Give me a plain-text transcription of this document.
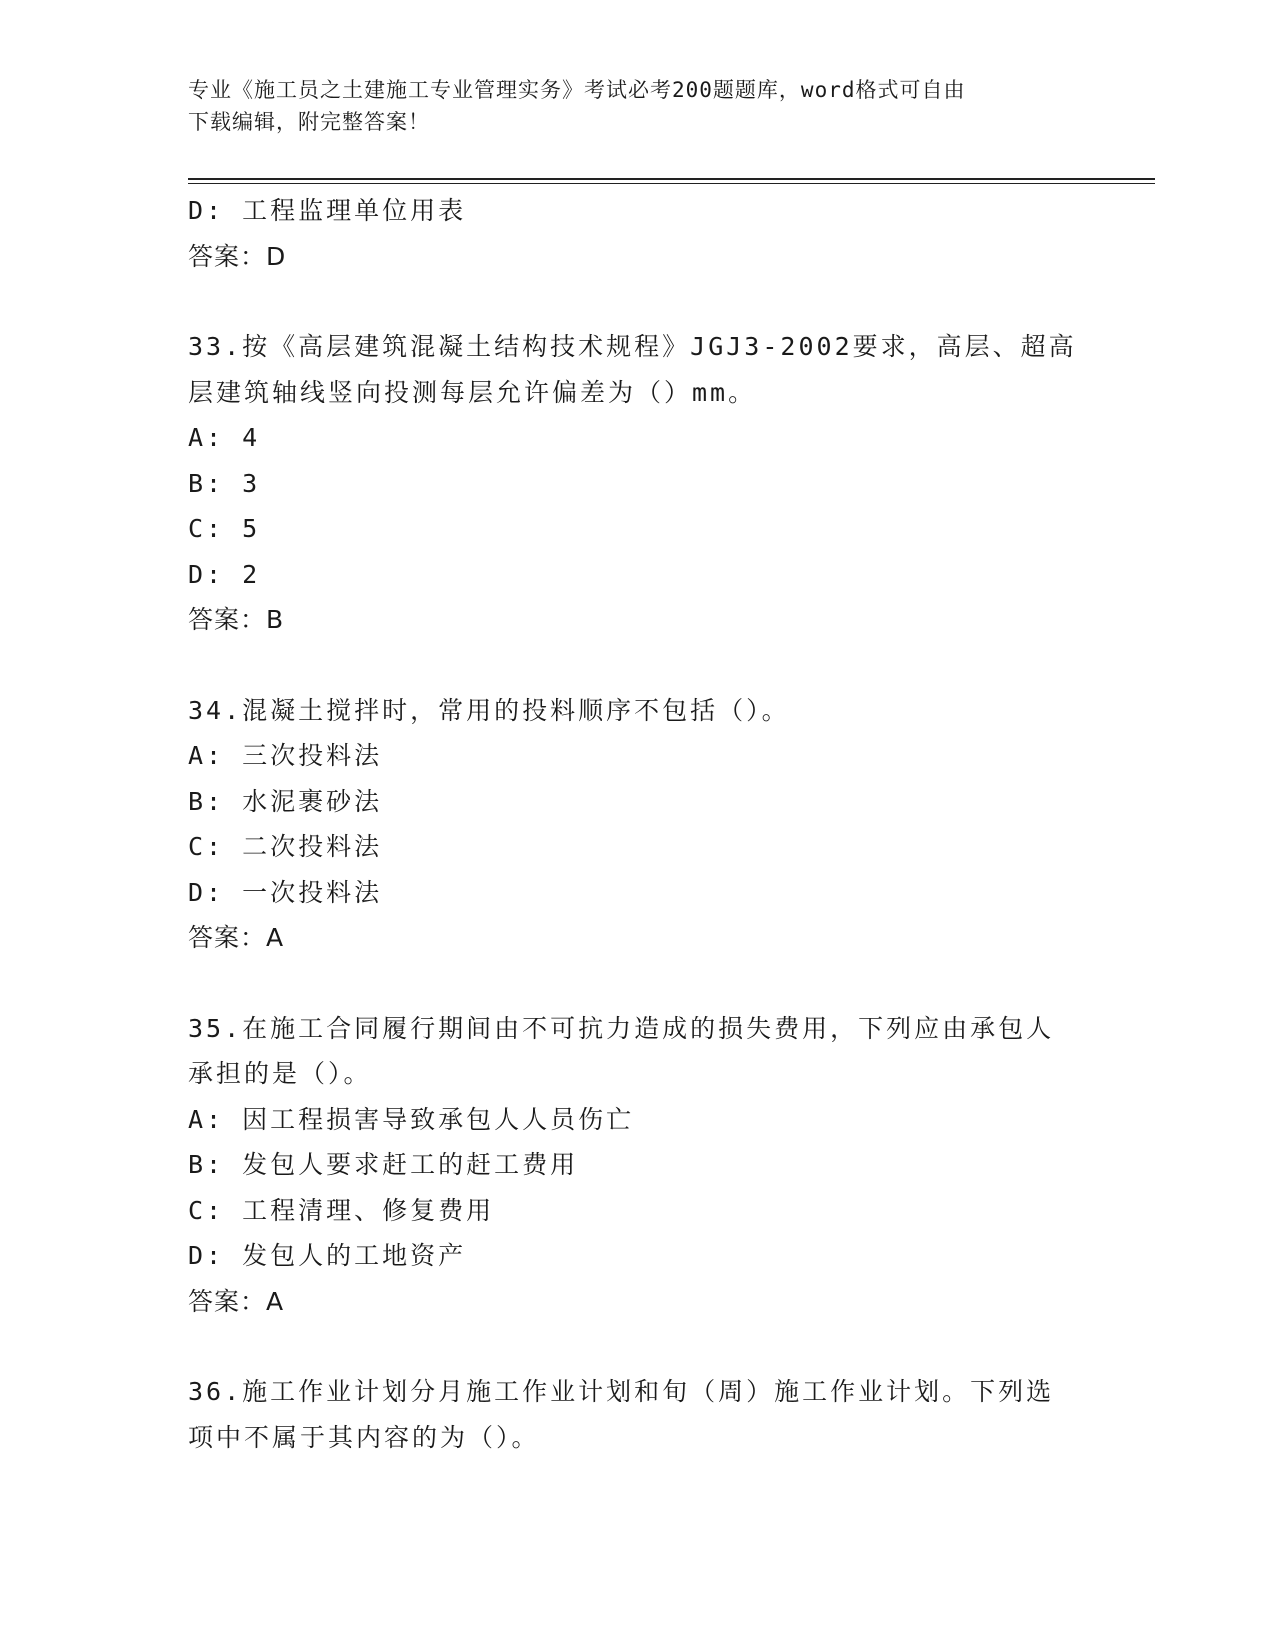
专业《施工员之土建施工专业管理实务》考试必考200题题库，word格式可自由
下载编辑，附完整答案！
D: 工程监理单位用表
答案：D
33.按《高层建筑混凝土结构技术规程》JGJ3-2002要求，高层、超高
层建筑轴线竖向投测每层允许偏差为（）mm。
A: 4
B: 3
C: 5
D: 2
答案：B
34.混凝土搅拌时，常用的投料顺序不包括（）。
A: 三次投料法
B: 水泥裹砂法
C: 二次投料法
D: 一次投料法
答案：A
35.在施工合同履行期间由不可抗力造成的损失费用，下列应由承包人
承担的是（）。
A: 因工程损害导致承包人人员伤亡
B: 发包人要求赶工的赶工费用
C: 工程清理、修复费用
D: 发包人的工地资产
答案：A
36.施工作业计划分月施工作业计划和旬（周）施工作业计划。下列选
项中不属于其内容的为（）。
